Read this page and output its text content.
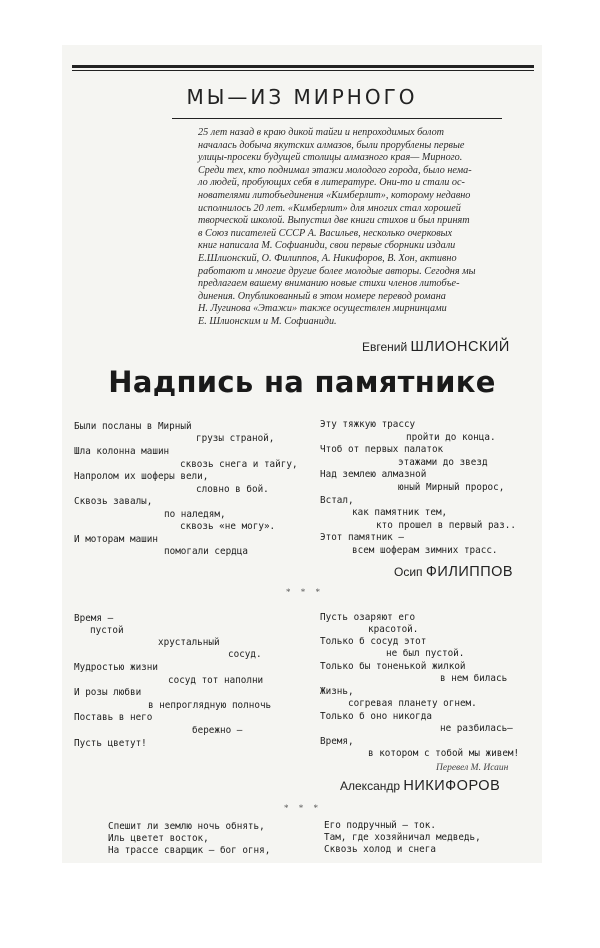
МЫ—ИЗ МИРНОГО
25 лет назад в краю дикой тайги и непроходимых болот
началась добыча якутских алмазов, были прорублены первые
улицы-просеки будущей столицы алмазного края— Мирного.
Среди тех, кто поднимал этажи молодого города, было нема-
ло людей, пробующих себя в литературе. Они-то и стали ос-
нователями литобъединения «Кимберлит», которому недавно
исполнилось 20 лет. «Кимберлит» для многих стал хорошей
творческой школой. Выпустил две книги стихов и был принят
в Союз писателей СССР А. Васильев, несколько очерковых
книг написала М. Софианиди, свои первые сборники издали
Е.Шлионский, О. Филиппов, А. Никифоров, В. Хон, активно
работают и многие другие более молодые авторы. Сегодня мы
предлагаем вашему вниманию новые стихи членов литобъе-
динения. Опубликованный в этом номере перевод романа
Н. Лугинова «Этажи» также осуществлен мирнинцами
Е. Шлионским и М. Софианиди.
Евгений ШЛИОНСКИЙ
Надпись на памятнике
Были посланы в Мирный
грузы страной,
Шла колонна машин
сквозь снега и тайгу,
Напролом их шоферы вели,
словно в бой.
Сквозь завалы,
по наледям,
сквозь «не могу».
И моторам машин
помогали сердца
Эту тяжкую трассу
пройти до конца.
Чтоб от первых палаток
этажами до звезд
Над землею алмазной
юный Мирный пророс,
Встал,
как памятник тем,
кто прошел в первый раз..
Этот памятник —
всем шоферам зимних трасс.
Осип ФИЛИППОВ
* * *
Время —
пустой
хрустальный
сосуд.
Мудростью жизни
сосуд тот наполни
И розы любви
в непроглядную полночь
Поставь в него
бережно —
Пусть цветут!
Пусть озаряют его
красотой.
Только б сосуд этот
не был пустой.
Только бы тоненькой жилкой
в нем билась
Жизнь,
согревая планету огнем.
Только б оно никогда
не разбилась—
Время,
в котором с тобой мы живем!
Перевел М. Исаин
Александр НИКИФОРОВ
* * *
Спешит ли землю ночь обнять,
Иль цветет восток,
На трассе сварщик — бог огня,
Его подручный — ток.
Там, где хозяйничал медведь,
Сквозь холод и снега
